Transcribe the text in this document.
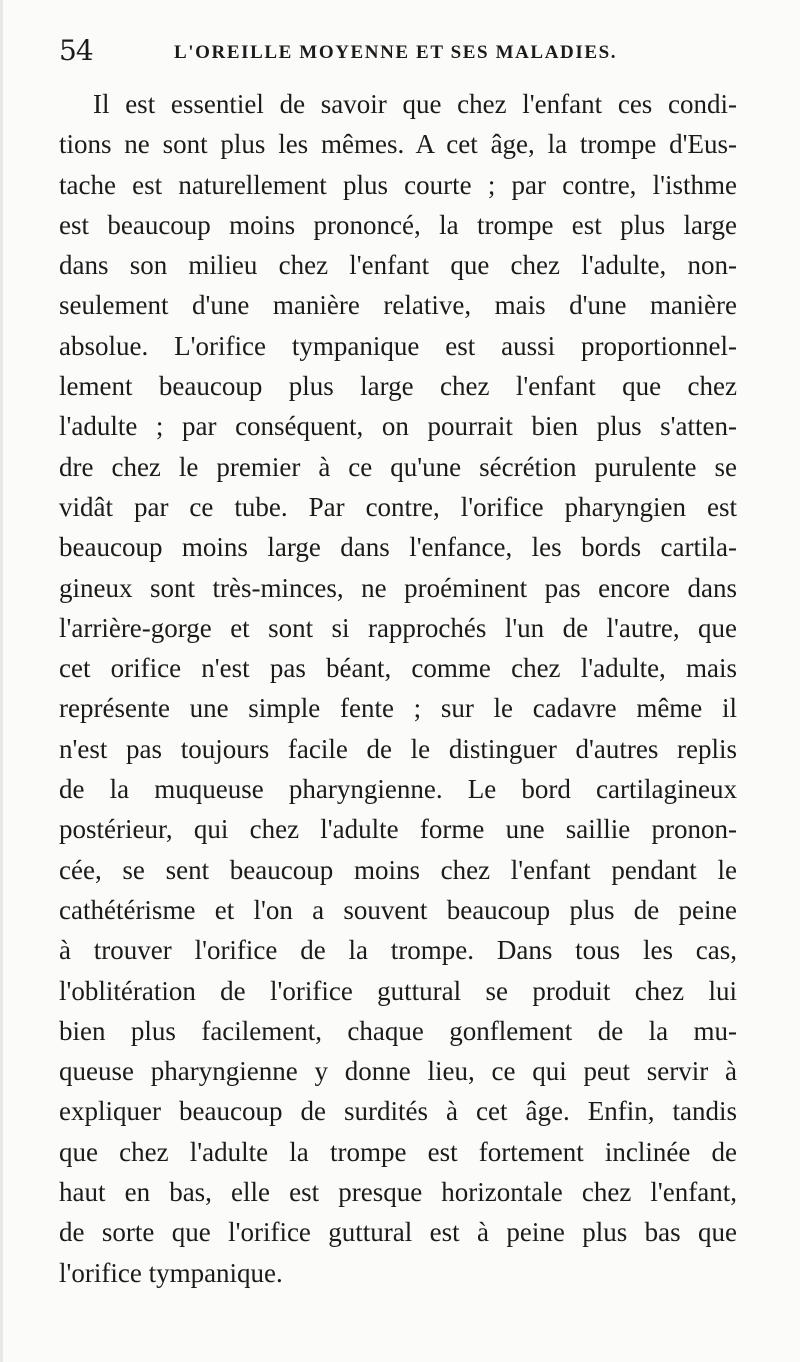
54	L'OREILLE MOYENNE ET SES MALADIES.
Il est essentiel de savoir que chez l'enfant ces condi-
tions ne sont plus les mêmes. A cet âge, la trompe d'Eus-
tache est naturellement plus courte ; par contre, l'isthme
est beaucoup moins prononcé, la trompe est plus large
dans son milieu chez l'enfant que chez l'adulte, non-
seulement d'une manière relative, mais d'une manière
absolue. L'orifice tympanique est aussi proportionnel-
lement beaucoup plus large chez l'enfant que chez
l'adulte ; par conséquent, on pourrait bien plus s'atten-
dre chez le premier à ce qu'une sécrétion purulente se
vidât par ce tube. Par contre, l'orifice pharyngien est
beaucoup moins large dans l'enfance, les bords cartila-
gineux sont très-minces, ne proéminent pas encore dans
l'arrière-gorge et sont si rapprochés l'un de l'autre, que
cet orifice n'est pas béant, comme chez l'adulte, mais
représente une simple fente ; sur le cadavre même il
n'est pas toujours facile de le distinguer d'autres replis
de la muqueuse pharyngienne. Le bord cartilagineux
postérieur, qui chez l'adulte forme une saillie pronon-
cée, se sent beaucoup moins chez l'enfant pendant le
cathétérisme et l'on a souvent beaucoup plus de peine
à trouver l'orifice de la trompe. Dans tous les cas,
l'oblitération de l'orifice guttural se produit chez lui
bien plus facilement, chaque gonflement de la mu-
queuse pharyngienne y donne lieu, ce qui peut servir à
expliquer beaucoup de surdités à cet âge. Enfin, tandis
que chez l'adulte la trompe est fortement inclinée de
haut en bas, elle est presque horizontale chez l'enfant,
de sorte que l'orifice guttural est à peine plus bas que
l'orifice tympanique.
